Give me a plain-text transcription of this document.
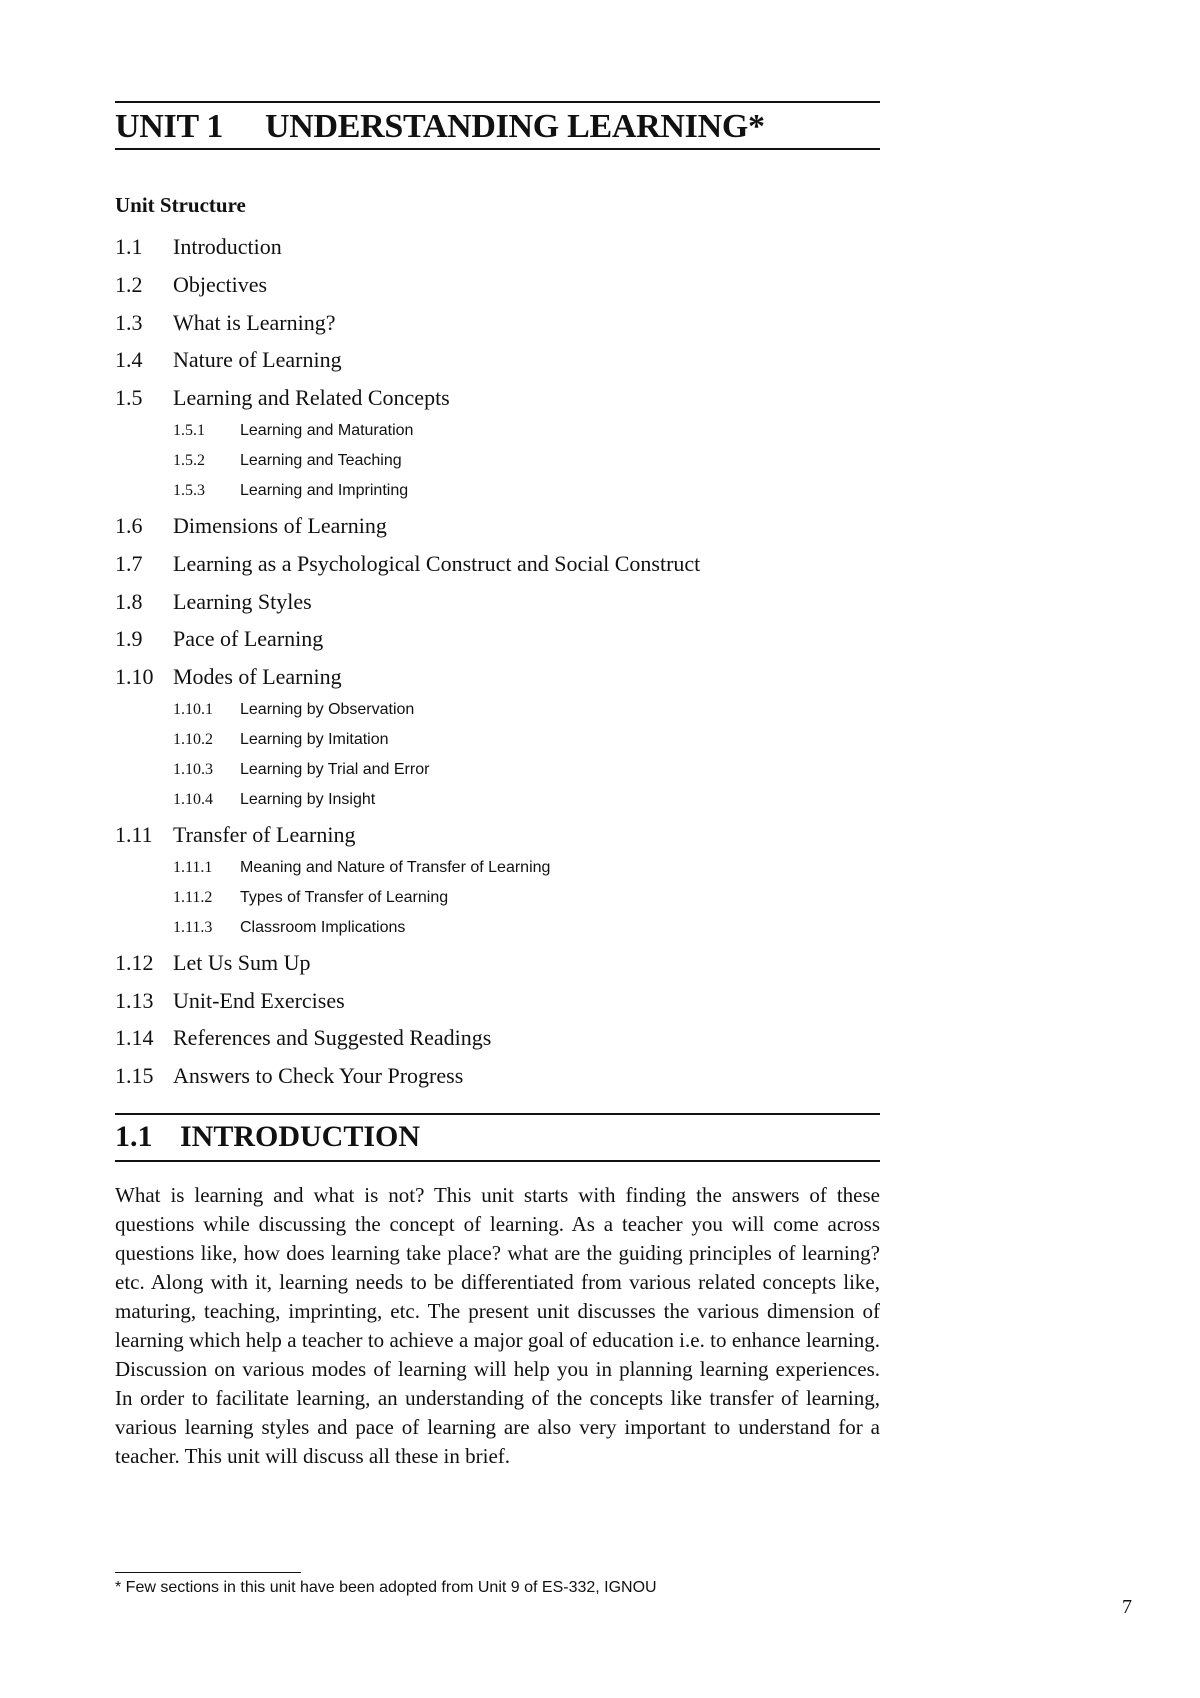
UNIT 1 UNDERSTANDING LEARNING*
Unit Structure
1.1 Introduction
1.2 Objectives
1.3 What is Learning?
1.4 Nature of Learning
1.5 Learning and Related Concepts
1.5.1 Learning and Maturation
1.5.2 Learning and Teaching
1.5.3 Learning and Imprinting
1.6 Dimensions of Learning
1.7 Learning as a Psychological Construct and Social Construct
1.8 Learning Styles
1.9 Pace of Learning
1.10 Modes of Learning
1.10.1 Learning by Observation
1.10.2 Learning by Imitation
1.10.3 Learning by Trial and Error
1.10.4 Learning by Insight
1.11 Transfer of Learning
1.11.1 Meaning and Nature of Transfer of Learning
1.11.2 Types of Transfer of Learning
1.11.3 Classroom Implications
1.12 Let Us Sum Up
1.13 Unit-End Exercises
1.14 References and Suggested Readings
1.15 Answers to Check Your Progress
1.1 INTRODUCTION

What is learning and what is not? This unit starts with finding the answers of these questions while discussing the concept of learning. As a teacher you will come across questions like, how does learning take place? what are the guiding principles of learning? etc. Along with it, learning needs to be differentiated from various related concepts like, maturing, teaching, imprinting, etc. The present unit discusses the various dimension of learning which help a teacher to achieve a major goal of education i.e. to enhance learning. Discussion on various modes of learning will help you in planning learning experiences. In order to facilitate learning, an understanding of the concepts like transfer of learning, various learning styles and pace of learning are also very important to understand for a teacher. This unit will discuss all these in brief.

* Few sections in this unit have been adopted from Unit 9 of ES-332, IGNOU

7
